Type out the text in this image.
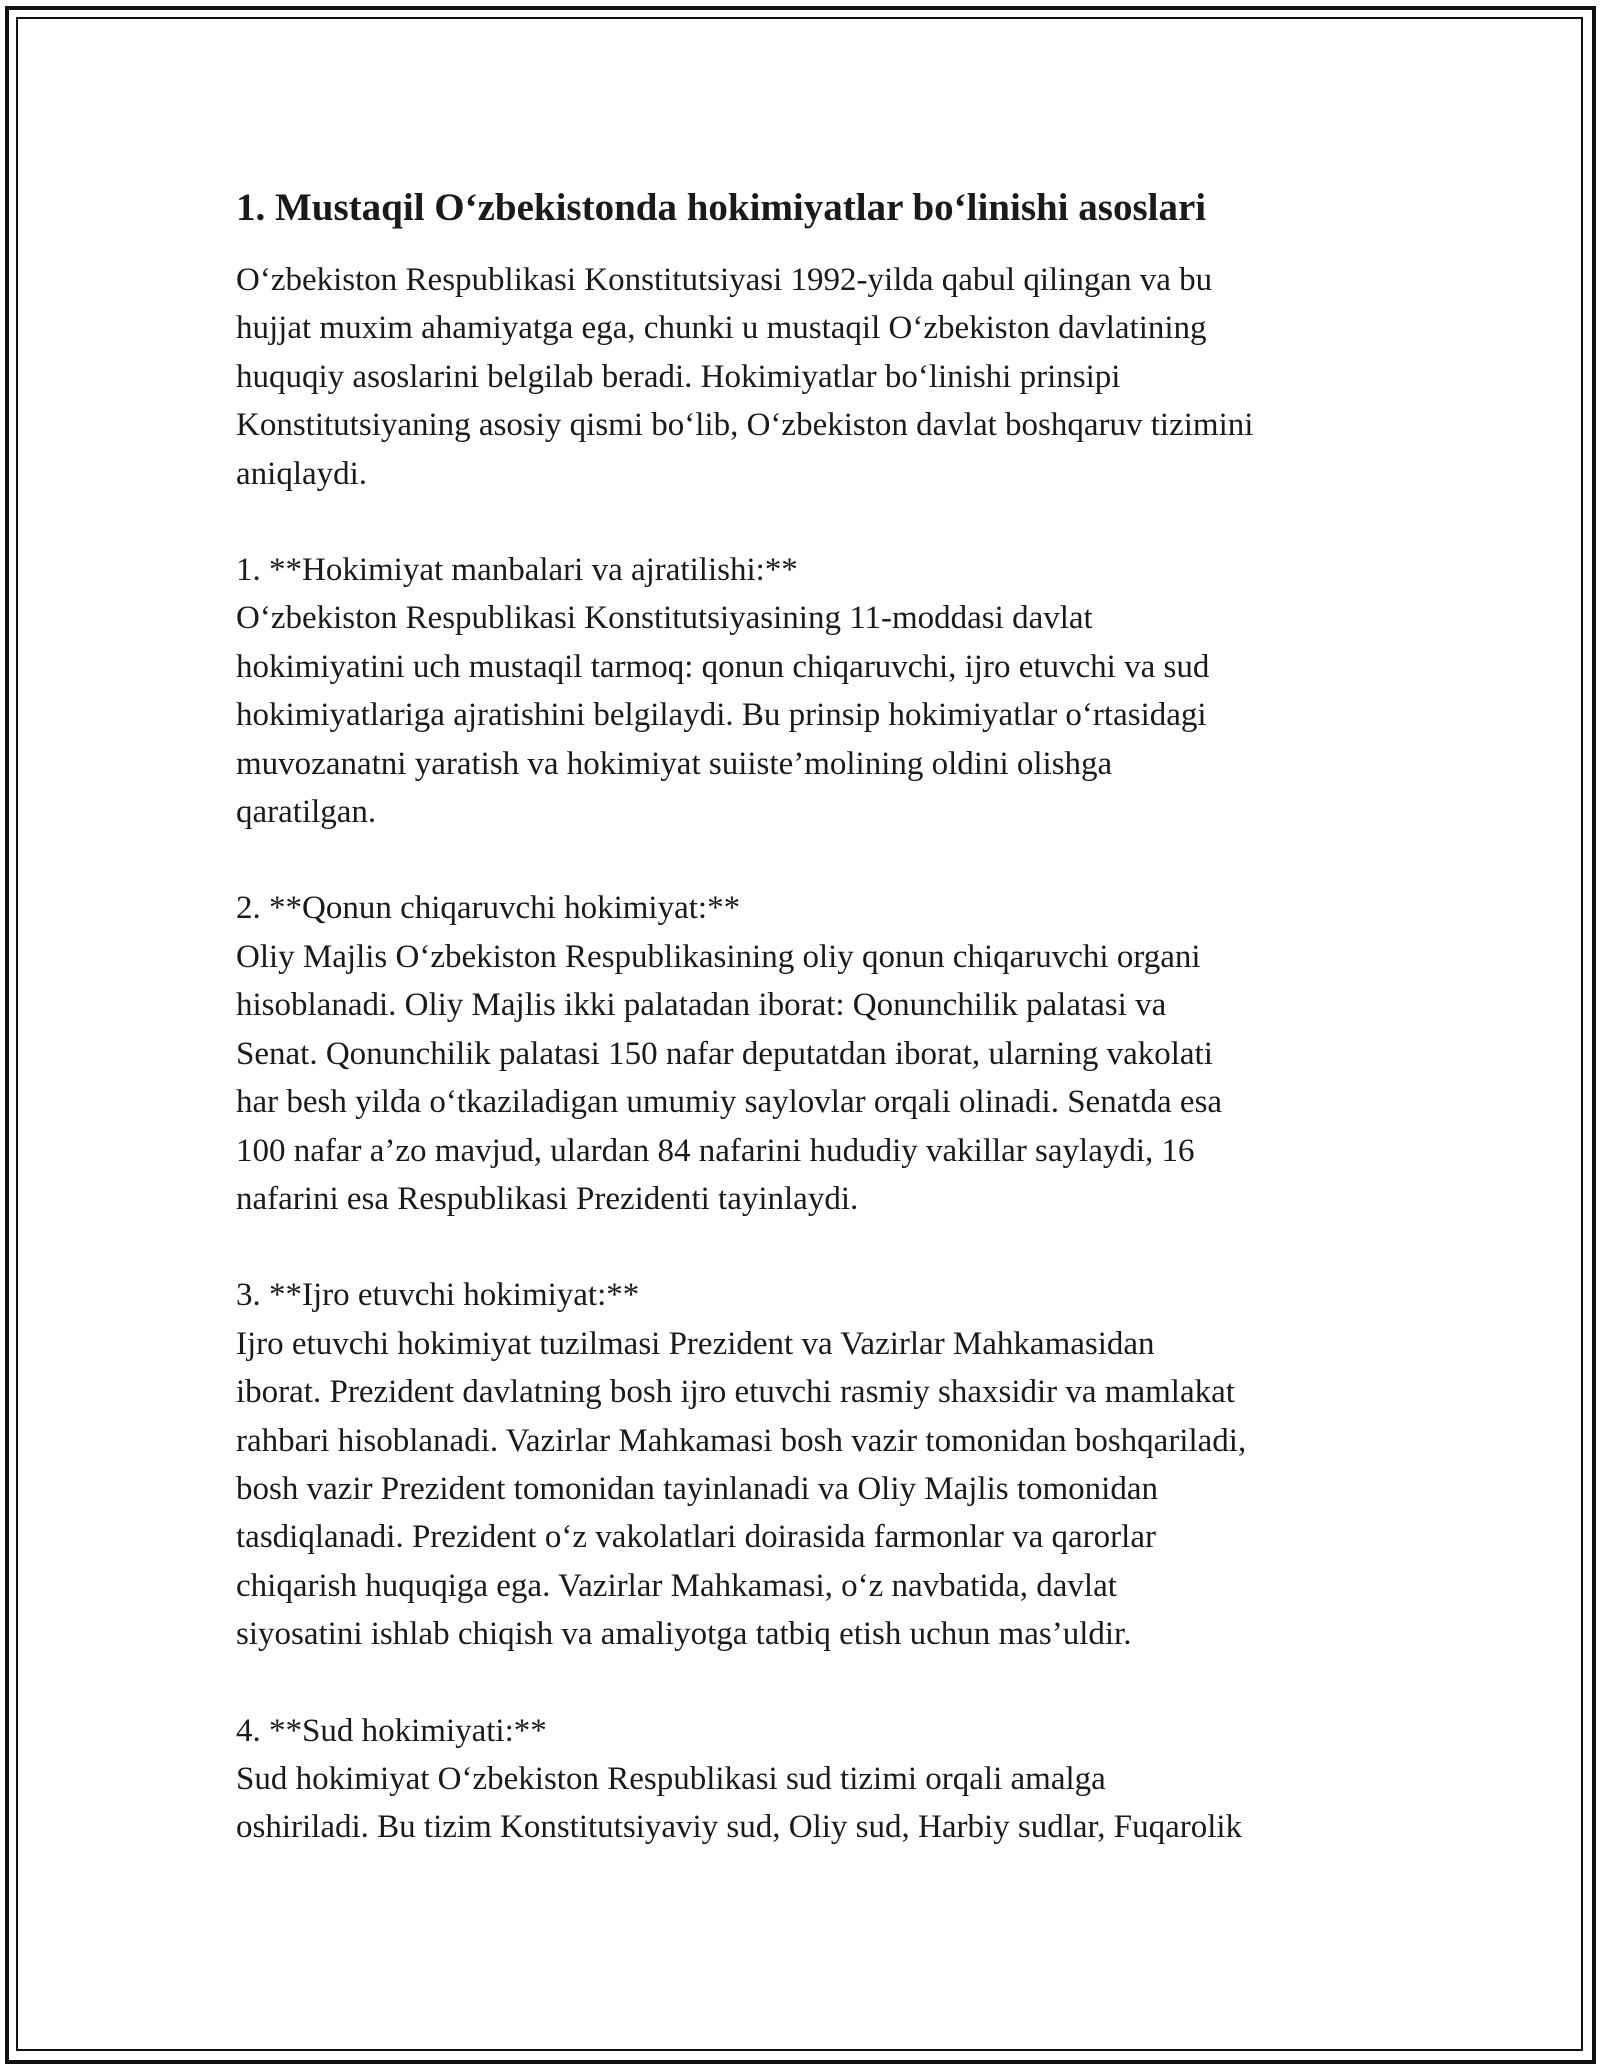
1. Mustaqil O‘zbekistonda hokimiyatlar bo‘linishi asoslari

O‘zbekiston Respublikasi Konstitutsiyasi 1992-yilda qabul qilingan va bu
hujjat muxim ahamiyatga ega, chunki u mustaqil O‘zbekiston davlatining
huquqiy asoslarini belgilab beradi. Hokimiyatlar bo‘linishi prinsipi
Konstitutsiyaning asosiy qismi bo‘lib, O‘zbekiston davlat boshqaruv tizimini
aniqlaydi.

1. **Hokimiyat manbalari va ajratilishi:**
O‘zbekiston Respublikasi Konstitutsiyasining 11-moddasi davlat
hokimiyatini uch mustaqil tarmoq: qonun chiqaruvchi, ijro etuvchi va sud
hokimiyatlariga ajratishini belgilaydi. Bu prinsip hokimiyatlar o‘rtasidagi
muvozanatni yaratish va hokimiyat suiiste’molining oldini olishga
qaratilgan.

2. **Qonun chiqaruvchi hokimiyat:**
Oliy Majlis O‘zbekiston Respublikasining oliy qonun chiqaruvchi organi
hisoblanadi. Oliy Majlis ikki palatadan iborat: Qonunchilik palatasi va
Senat. Qonunchilik palatasi 150 nafar deputatdan iborat, ularning vakolati
har besh yilda o‘tkaziladigan umumiy saylovlar orqali olinadi. Senatda esa
100 nafar a’zo mavjud, ulardan 84 nafarini hududiy vakillar saylaydi, 16
nafarini esa Respublikasi Prezidenti tayinlaydi.

3. **Ijro etuvchi hokimiyat:**
Ijro etuvchi hokimiyat tuzilmasi Prezident va Vazirlar Mahkamasidan
iborat. Prezident davlatning bosh ijro etuvchi rasmiy shaxsidir va mamlakat
rahbari hisoblanadi. Vazirlar Mahkamasi bosh vazir tomonidan boshqariladi,
bosh vazir Prezident tomonidan tayinlanadi va Oliy Majlis tomonidan
tasdiqlanadi. Prezident o‘z vakolatlari doirasida farmonlar va qarorlar
chiqarish huquqiga ega. Vazirlar Mahkamasi, o‘z navbatida, davlat
siyosatini ishlab chiqish va amaliyotga tatbiq etish uchun mas’uldir.

4. **Sud hokimiyati:**
Sud hokimiyat O‘zbekiston Respublikasi sud tizimi orqali amalga
oshiriladi. Bu tizim Konstitutsiyaviy sud, Oliy sud, Harbiy sudlar, Fuqarolik
